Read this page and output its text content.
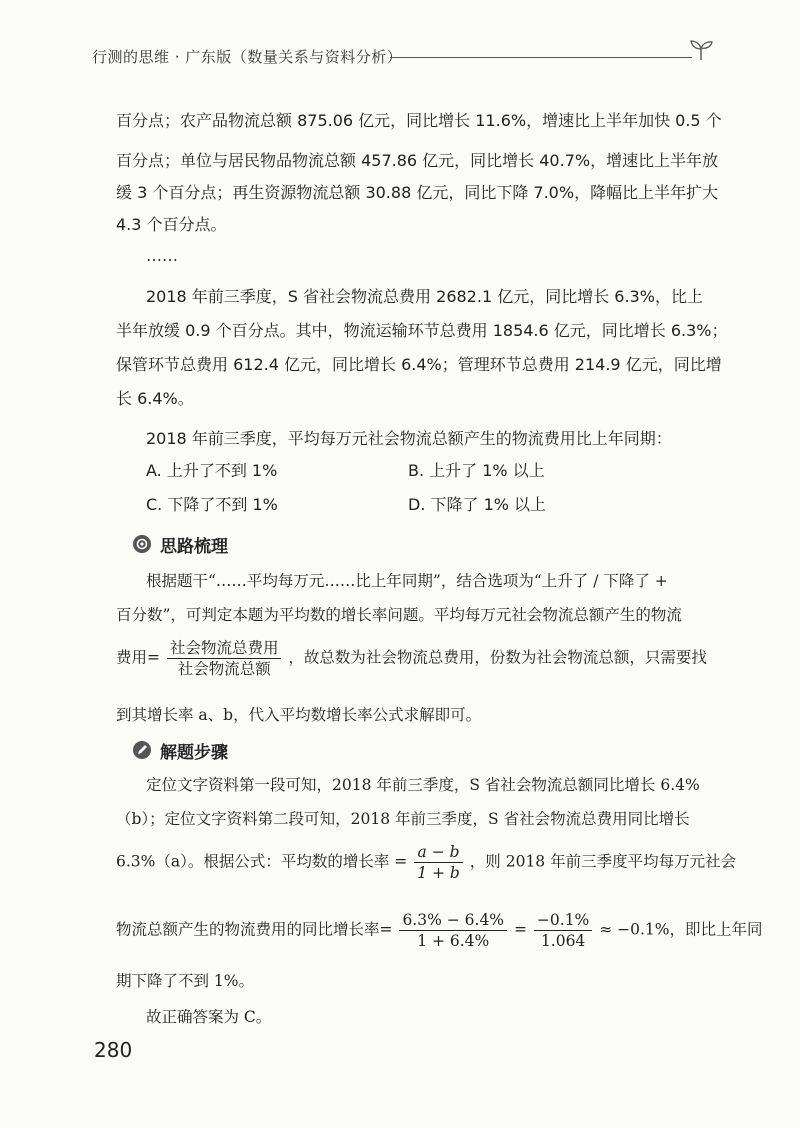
行测的思维 · 广东版（数量关系与资料分析）
百分点；农产品物流总额 875.06 亿元，同比增长 11.6%，增速比上半年加快 0.5 个
百分点；单位与居民物品物流总额 457.86 亿元，同比增长 40.7%，增速比上半年放
缓 3 个百分点；再生资源物流总额 30.88 亿元，同比下降 7.0%，降幅比上半年扩大
4.3 个百分点。
……
2018 年前三季度，S 省社会物流总费用 2682.1 亿元，同比增长 6.3%，比上
半年放缓 0.9 个百分点。其中，物流运输环节总费用 1854.6 亿元，同比增长 6.3%；
保管环节总费用 612.4 亿元，同比增长 6.4%；管理环节总费用 214.9 亿元，同比增
长 6.4%。
2018 年前三季度，平均每万元社会物流总额产生的物流费用比上年同期：
A. 上升了不到 1%	B. 上升了 1% 以上
C. 下降了不到 1%	D. 下降了 1% 以上
思路梳理
根据题干“……平均每万元……比上年同期”，结合选项为“上升了 / 下降了 +
百分数”，可判定本题为平均数的增长率问题。平均每万元社会物流总额产生的物流
费用= $\frac{\text{社会物流总费用}}{\text{社会物流总额}}$ ，故总数为社会物流总费用，份数为社会物流总额，只需要找
到其增长率 a、b，代入平均数增长率公式求解即可。
解题步骤
定位文字资料第一段可知，2018 年前三季度，S 省社会物流总额同比增长 6.4%
（b）；定位文字资料第二段可知，2018 年前三季度，S 省社会物流总费用同比增长
6.3%（a）。根据公式：平均数的增长率 = $\frac{a - b}{1 + b}$ ，则 2018 年前三季度平均每万元社会
物流总额产生的物流费用的同比增长率= $\frac{6.3\% - 6.4\%}{1 + 6.4\%} = \frac{-0.1\%}{1.064} \approx -0.1\%$，即比上年同
期下降了不到 1%。
故正确答案为 C。
280
